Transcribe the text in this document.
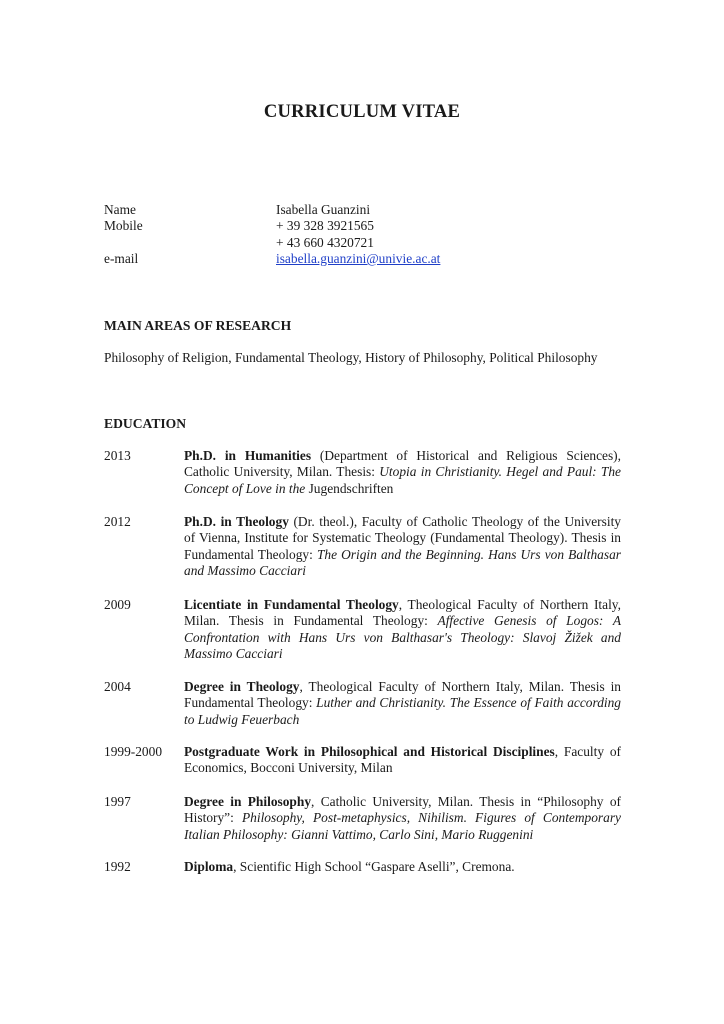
CURRICULUM VITAE
Name	Isabella Guanzini
Mobile	+ 39 328 3921565
+ 43 660 4320721
e-mail	isabella.guanzini@univie.ac.at
MAIN AREAS OF RESEARCH
Philosophy of Religion, Fundamental Theology, History of Philosophy, Political Philosophy
EDUCATION
2013	Ph.D. in Humanities (Department of Historical and Religious Sciences), Catholic University, Milan. Thesis: Utopia in Christianity. Hegel and Paul: The Concept of Love in the Jugendschriften
2012	Ph.D. in Theology (Dr. theol.), Faculty of Catholic Theology of the University of Vienna, Institute for Systematic Theology (Fundamental Theology). Thesis in Fundamental Theology: The Origin and the Beginning. Hans Urs von Balthasar and Massimo Cacciari
2009	Licentiate in Fundamental Theology, Theological Faculty of Northern Italy, Milan. Thesis in Fundamental Theology: Affective Genesis of Logos: A Confrontation with Hans Urs von Balthasar's Theology: Slavoj Žižek and Massimo Cacciari
2004	Degree in Theology, Theological Faculty of Northern Italy, Milan. Thesis in Fundamental Theology: Luther and Christianity. The Essence of Faith according to Ludwig Feuerbach
1999-2000	Postgraduate Work in Philosophical and Historical Disciplines, Faculty of Economics, Bocconi University, Milan
1997	Degree in Philosophy, Catholic University, Milan. Thesis in “Philosophy of History”: Philosophy, Post-metaphysics, Nihilism. Figures of Contemporary Italian Philosophy: Gianni Vattimo, Carlo Sini, Mario Ruggenini
1992	Diploma, Scientific High School “Gaspare Aselli”, Cremona.
